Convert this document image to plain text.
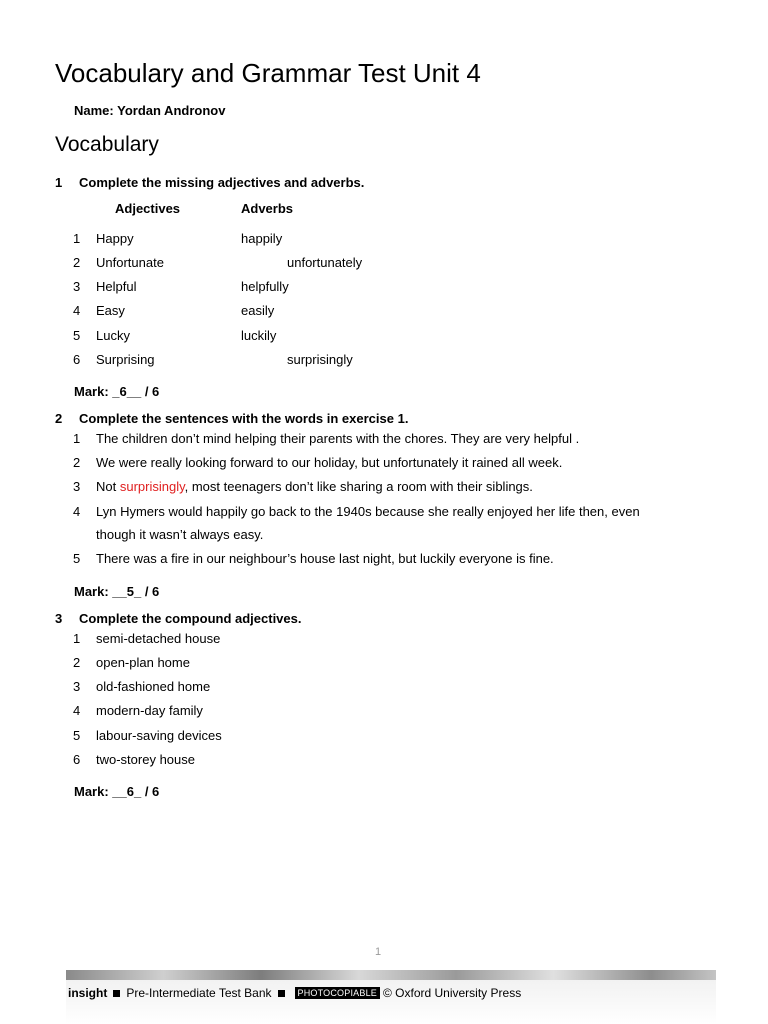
Vocabulary and Grammar Test Unit 4
Name: Yordan Andronov
Vocabulary
1 Complete the missing adjectives and adverbs.
Adjectives	Adverbs
1 Happy	happily
2 Unfortunate	unfortunately
3 Helpful	helpfully
4 Easy	easily
5 Lucky	luckily
6 Surprising	surprisingly
Mark: _6__ / 6
2 Complete the sentences with the words in exercise 1.
1 The children don’t mind helping their parents with the chores. They are very helpful .
2 We were really looking forward to our holiday, but unfortunately it rained all week.
3 Not surprisingly, most teenagers don’t like sharing a room with their siblings.
4 Lyn Hymers would happily go back to the 1940s because she really enjoyed her life then, even
though it wasn’t always easy.
5 There was a fire in our neighbour’s house last night, but luckily everyone is fine.
Mark: __5_ / 6
3 Complete the compound adjectives.
1 semi-detached house
2 open-plan home
3 old-fashioned home
4 modern-day family
5 labour-saving devices
6 two-storey house
Mark: __6_ / 6
1
insight Pre-Intermediate Test Bank	PHOTOCOPIABLE © Oxford University Press
